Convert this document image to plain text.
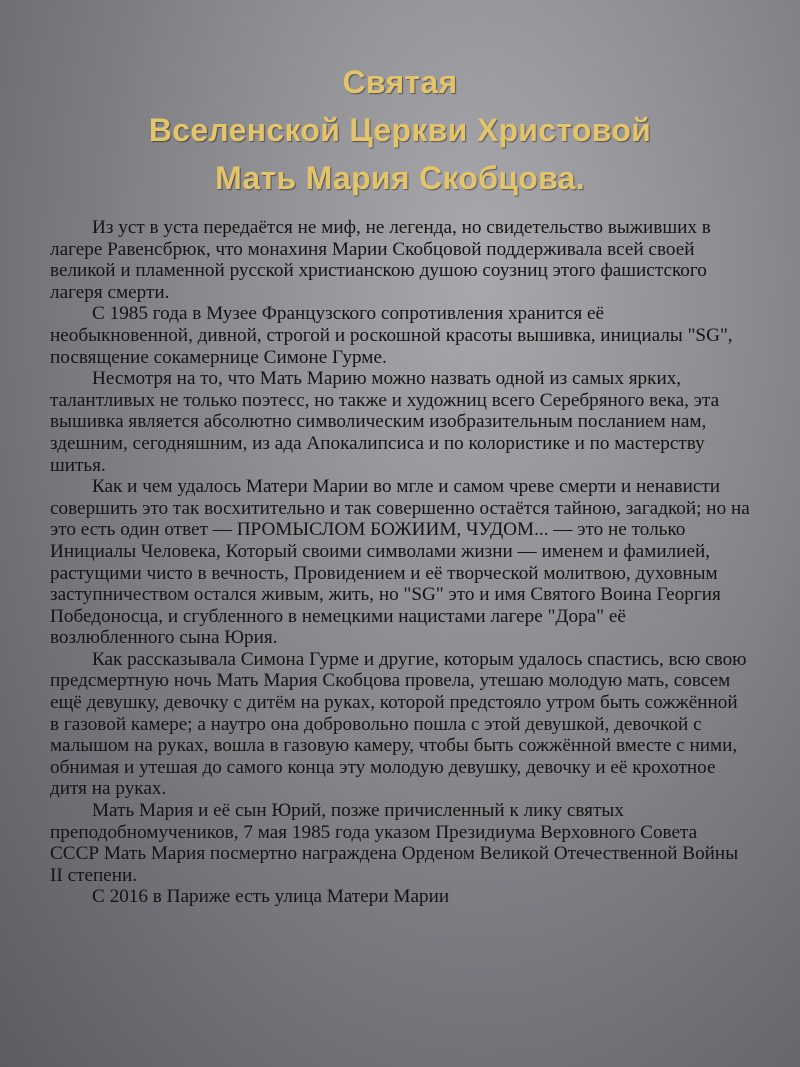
Святая
Вселенской Церкви Христовой
Мать Мария Скобцова.

Из уст в уста передаётся не миф, не легенда, но свидетельство выживших в лагере Равенсбрюк, что монахиня Марии Скобцовой поддерживала всей своей великой и пламенной русской христианскою душою соузниц этого фашистского лагеря смерти.

С 1985 года в Музее Французского сопротивления хранится её необыкновенной, дивной, строгой и роскошной красоты вышивка, инициалы "SG", посвящение сокамернице Симоне Гурме.

Несмотря на то, что Мать Марию можно назвать одной из самых ярких, талантливых не только поэтесс, но также и художниц всего Серебряного века, эта вышивка является абсолютно символическим изобразительным посланием нам, здешним, сегодняшним, из ада Апокалипсиса и по колористике и по мастерству шитья.

Как и чем удалось Матери Марии во мгле и самом чреве смерти и ненависти совершить это так восхитительно и так совершенно остаётся тайною, загадкой; но на это есть один ответ — ПРОМЫСЛОМ БОЖИИМ, ЧУДОМ... — это не только Инициалы Человека, Который своими символами жизни — именем и фамилией, растущими чисто в вечность, Провидением и её творческой молитвою, духовным заступничеством остался живым, жить, но "SG" это и имя Святого Воина Георгия Победоносца, и сгубленного в немецкими нацистами лагере "Дора" её возлюбленного сына Юрия.

Как рассказывала Симона Гурме и другие, которым удалось спастись, всю свою предсмертную ночь Мать Мария Скобцова провела, утешаю молодую мать, совсем ещё девушку, девочку с дитём на руках, которой предстояло утром быть сожжённой в газовой камере; а наутро она добровольно пошла с этой девушкой, девочкой с малышом на руках, вошла в газовую камеру, чтобы быть сожжённой вместе с ними, обнимая и утешая до самого конца эту молодую девушку, девочку и её крохотное дитя на руках.

Мать Мария и её сын Юрий, позже причисленный к лику святых преподобномучеников, 7 мая 1985 года указом Президиума Верховного Совета СССР Мать Мария посмертно награждена Орденом Великой Отечественной Войны II степени.

С 2016 в Париже есть улица Матери Марии
